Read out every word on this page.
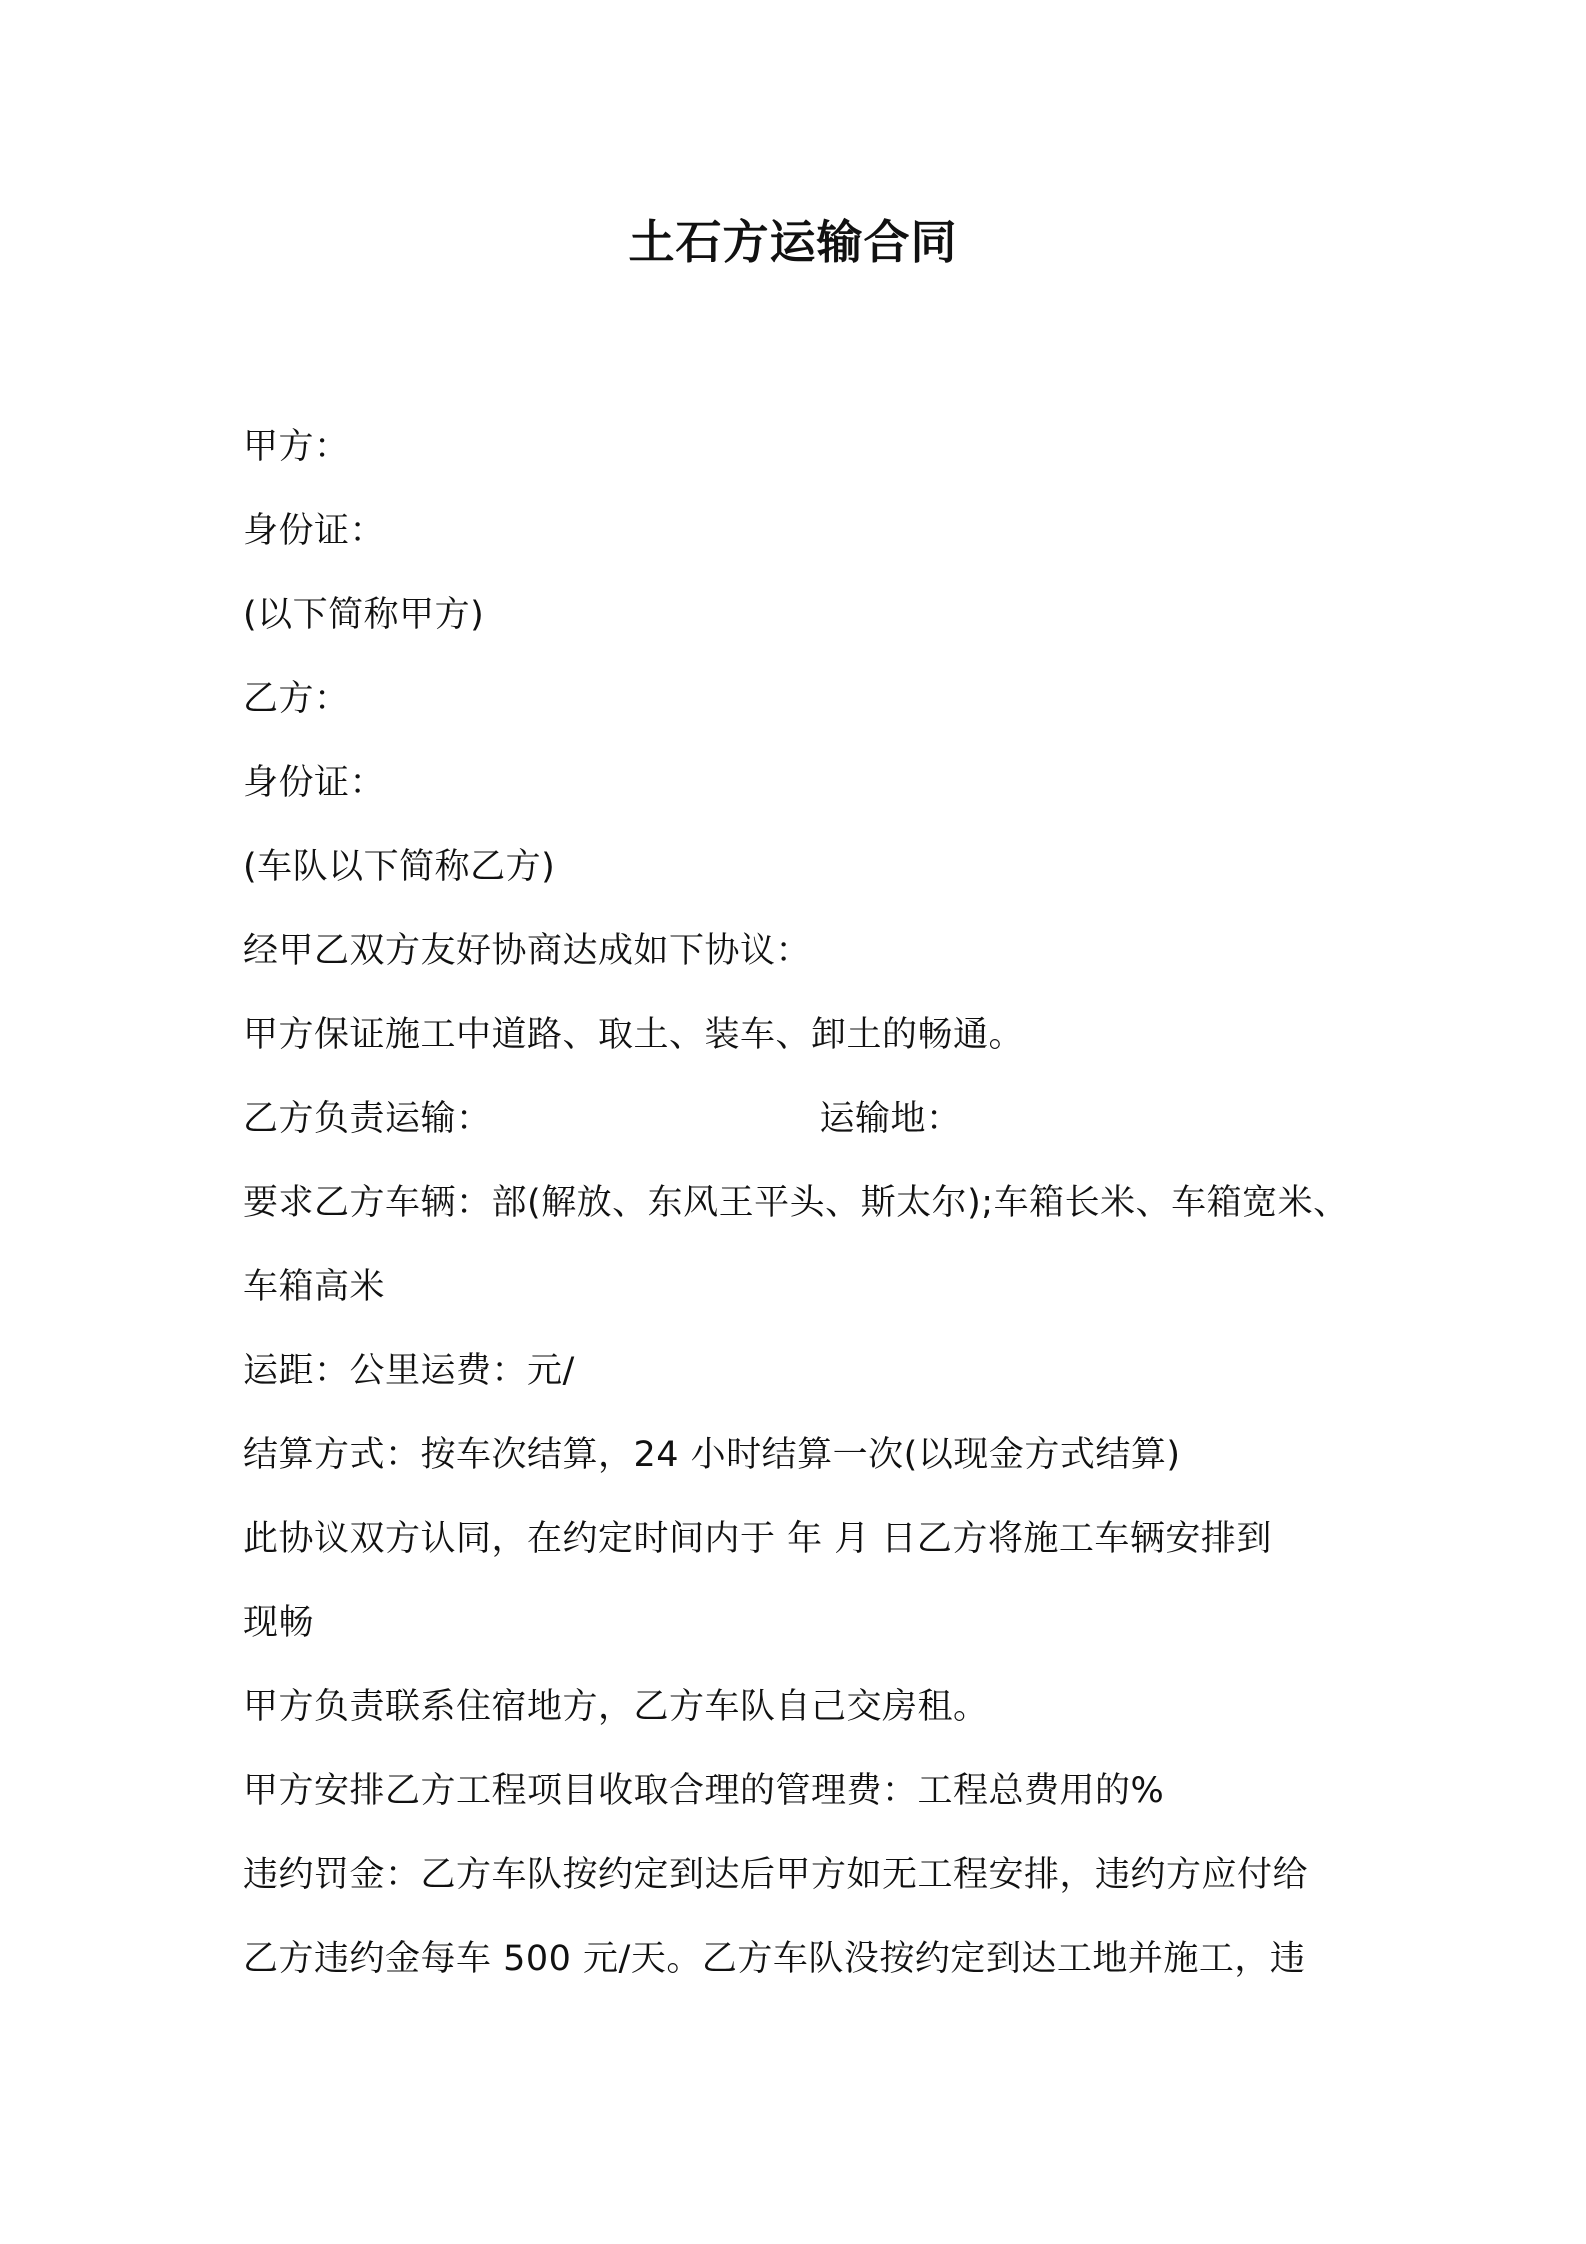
土石方运输合同
甲方：
身份证：
(以下简称甲方)
乙方：
身份证：
(车队以下简称乙方)
经甲乙双方友好协商达成如下协议：
甲方保证施工中道路、取土、装车、卸土的畅通。
乙方负责运输：	运输地：
要求乙方车辆：部(解放、东风王平头、斯太尔);车箱长米、车箱宽米、
车箱高米
运距：公里运费：元/
结算方式：按车次结算，24 小时结算一次(以现金方式结算)
此协议双方认同，在约定时间内于 年 月 日乙方将施工车辆安排到
现畅
甲方负责联系住宿地方，乙方车队自己交房租。
甲方安排乙方工程项目收取合理的管理费：工程总费用的%
违约罚金：乙方车队按约定到达后甲方如无工程安排，违约方应付给
乙方违约金每车 500 元/天。乙方车队没按约定到达工地并施工，违
